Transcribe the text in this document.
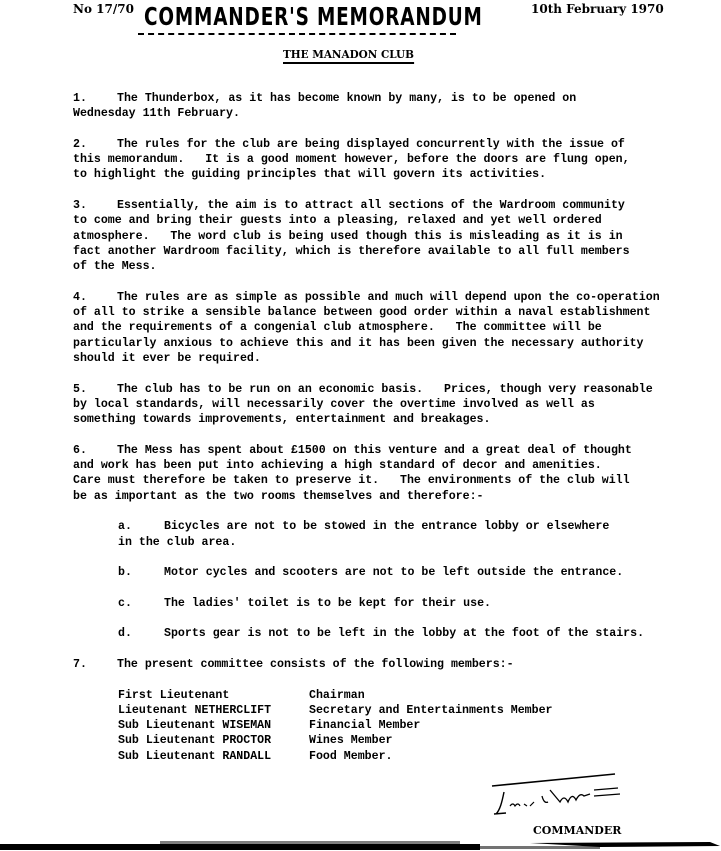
No 17/70 COMMANDER'S MEMORANDUM	10th February 1970
THE MANADON CLUB
1.	The Thunderbox, as it has become known by many, is to be opened on
Wednesday 11th February.
2.	The rules for the club are being displayed concurrently with the issue of
this memorandum.   It is a good moment however, before the doors are flung open,
to highlight the guiding principles that will govern its activities.
3.	Essentially, the aim is to attract all sections of the Wardroom community
to come and bring their guests into a pleasing, relaxed and yet well ordered
atmosphere.   The word club is being used though this is misleading as it is in
fact another Wardroom facility, which is therefore available to all full members
of the Mess.
4.	The rules are as simple as possible and much will depend upon the co-operation
of all to strike a sensible balance between good order within a naval establishment
and the requirements of a congenial club atmosphere.   The committee will be
particularly anxious to achieve this and it has been given the necessary authority
should it ever be required.
5.	The club has to be run on an economic basis.   Prices, though very reasonable
by local standards, will necessarily cover the overtime involved as well as
something towards improvements, entertainment and breakages.
6.	The Mess has spent about £1500 on this venture and a great deal of thought
and work has been put into achieving a high standard of decor and amenities.
Care must therefore be taken to preserve it.   The environments of the club will
be as important as the two rooms themselves and therefore:-
a.	Bicycles are not to be stowed in the entrance lobby or elsewhere
in the club area.
b.	Motor cycles and scooters are not to be left outside the entrance.
c.	The ladies' toilet is to be kept for their use.
d.	Sports gear is not to be left in the lobby at the foot of the stairs.
7.	The present committee consists of the following members:-
First Lieutenant	Chairman
Lieutenant NETHERCLIFT	Secretary and Entertainments Member
Sub Lieutenant WISEMAN	Financial Member
Sub Lieutenant PROCTOR	Wines Member
Sub Lieutenant RANDALL	Food Member.
COMMANDER
